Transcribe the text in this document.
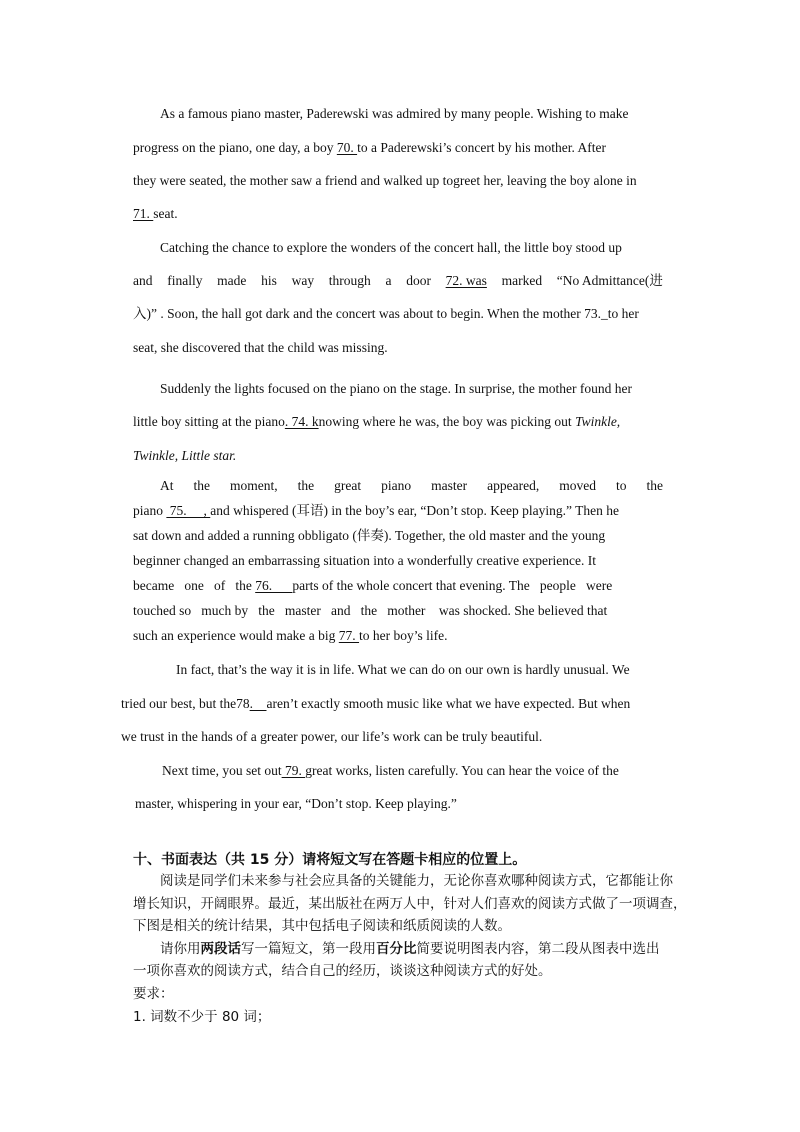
As a famous piano master, Paderewski was admired by many people. Wishing to make
progress on the piano, one day, a boy 70. to a Paderewski’s concert by his mother. After
they were seated, the mother saw a friend and walked up togreet her, leaving the boy alone in
71. seat.
Catching the chance to explore the wonders of the concert hall, the little boy stood up
and finally made his way through a door 72. was marked “No Admittance(进
入)” . Soon, the hall got dark and the concert was about to begin. When the mother 73._to her
seat, she discovered that the child was missing.
Suddenly the lights focused on the piano on the stage. In surprise, the mother found her
little boy sitting at the piano. 74. knowing where he was, the boy was picking out Twinkle,
Twinkle, Little star.
At the moment, the great piano master appeared, moved to the
piano  75.     , and whispered (耳语) in the boy’s ear, “Don’t stop. Keep playing.” Then he
sat down and added a running obbligato (伴奏). Together, the old master and the young
beginner changed an embarrassing situation into a wonderfully creative experience. It
became   one   of   the 76.      parts of the whole concert that evening. The   people   were
touched so   much by   the   master   and   the   mother    was shocked. She believed that
such an experience would make a big 77. to her boy’s life.
In fact, that’s the way it is in life. What we can do on our own is hardly unusual. We
tried our best, but the78.    aren’t exactly smooth music like what we have expected. But when
we trust in the hands of a greater power, our life’s work can be truly beautiful.
Next time, you set out 79. great works, listen carefully. You can hear the voice of the
master, whispering in your ear, “Don’t stop. Keep playing.”
十、书面表达（共 15 分）请将短文写在答题卡相应的位置上。
阅读是同学们未来参与社会应具备的关键能力，无论你喜欢哪种阅读方式，它都能让你
增长知识，开阔眼界。最近，某出版社在两万人中，针对人们喜欢的阅读方式做了一项调查，
下图是相关的统计结果，其中包括电子阅读和纸质阅读的人数。
请你用两段话写一篇短文，第一段用百分比简要说明图表内容，第二段从图表中选出
一项你喜欢的阅读方式，结合自己的经历，谈谈这种阅读方式的好处。
要求：
1. 词数不少于 80 词；
